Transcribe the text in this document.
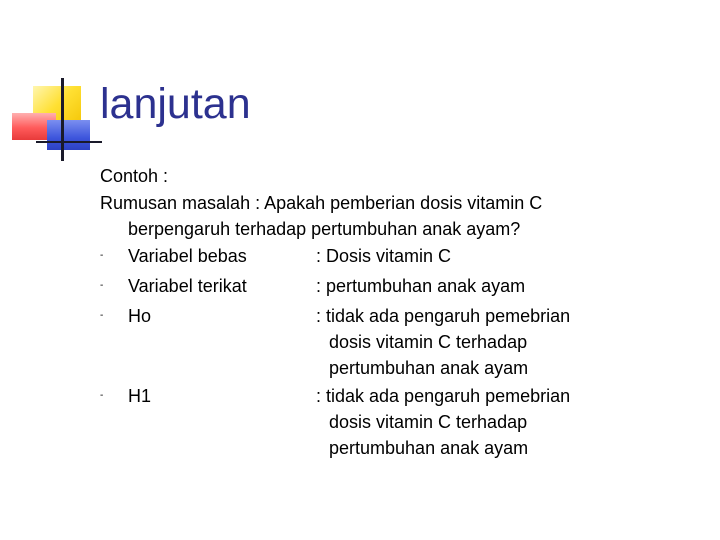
lanjutan
Contoh :
Rumusan masalah : Apakah pemberian dosis vitamin C
berpengaruh terhadap pertumbuhan anak ayam?
- Variabel bebas	: Dosis vitamin C
- Variabel terikat	: pertumbuhan anak ayam
- Ho	: tidak ada pengaruh pemebrian
dosis vitamin C terhadap
pertumbuhan anak ayam
- H1	: tidak ada pengaruh pemebrian
dosis vitamin C terhadap
pertumbuhan anak ayam
